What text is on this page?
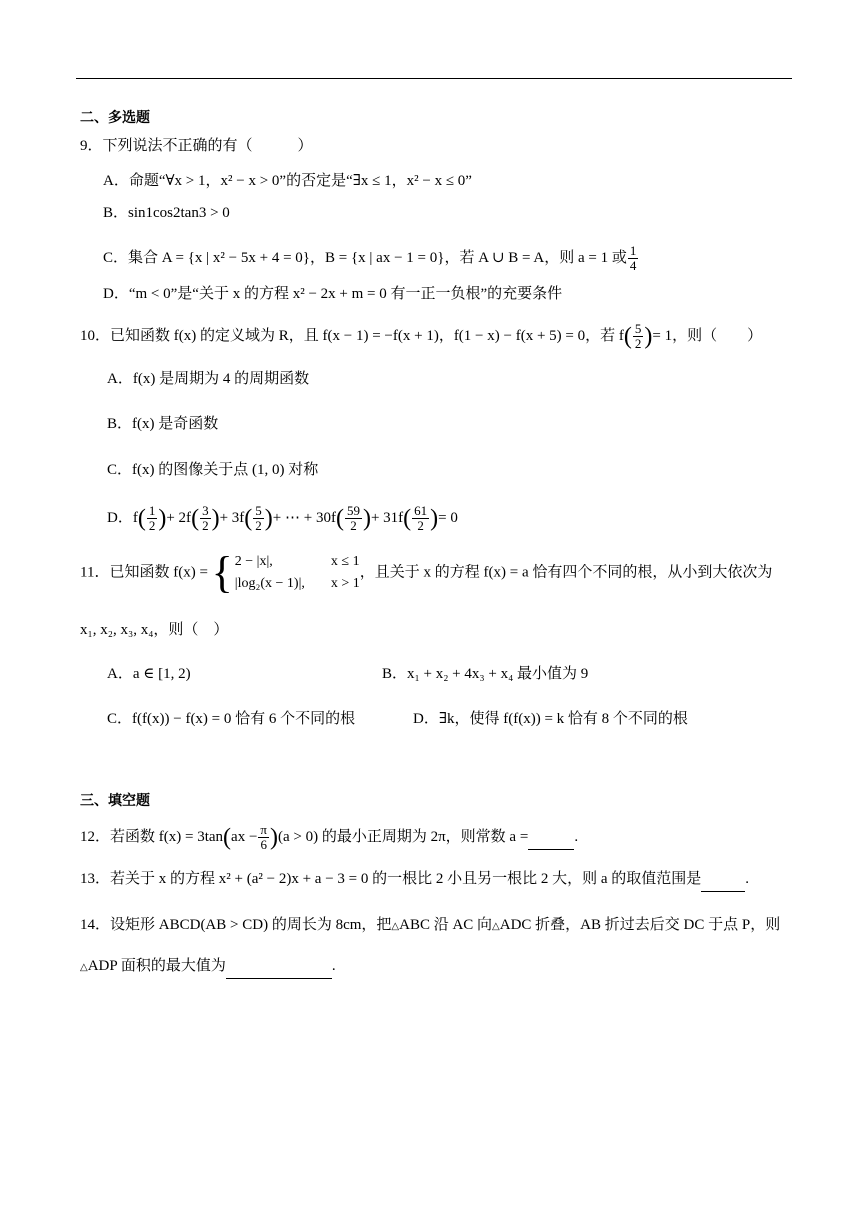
二、多选题
9．下列说法不正确的有（　　　）
A．命题“∀x > 1，x² − x > 0”的否定是“∃x ≤ 1，x² − x ≤ 0”
B．sin1cos2tan3 > 0
C．集合 A = {x | x² − 5x + 4 = 0}，B = {x | ax − 1 = 0}，若 A ∪ B = A，则 a = 1 或 $\frac{1}{4}$
D．“m < 0”是“关于 x 的方程 x² − 2x + m = 0 有一正一负根”的充要条件
10．已知函数 f(x) 的定义域为 R，且 f(x − 1) = −f(x + 1)，f(1 − x) − f(x + 5) = 0，若 $f( \frac{5}{2}$ )= 1，则（　　）
A．f(x) 是周期为 4 的周期函数
B．f(x) 是奇函数
C．f(x) 的图像关于点 (1, 0) 对称
D．$f( \frac{1}{2}$ )+ $2f( \frac{3}{2}$ )+ $3f( \frac{5}{2}$ )+ ⋯ + $30f( \frac{59}{2}$ )+ $31f( \frac{61}{2}$ )= 0
11．已知函数 f(x) = { 2 − |x|,	x ≤ 1
|log₂(x − 1)|, x > 1
，且关于 x 的方程 f(x) = a 恰有四个不同的根，从小到大依次为
x₁, x₂, x₃, x₄，则（　）
A．a ∈ [1, 2)	B．x₁ + x₂ + 4x₃ + x₄ 最小值为 9
C．f(f(x)) − f(x) = 0 恰有 6 个不同的根	D．∃k，使得 f(f(x)) = k 恰有 8 个不同的根
三、填空题
12．若函数 $f(x) = 3\tan(ax - \frac{\pi}{6} )(a > 0)$ 的最小正周期为 2π，则常数 a =	.
13．若关于 x 的方程 x² + (a² − 2)x + a − 3 = 0 的一根比 2 小且另一根比 2 大，则 a 的取值范围是	.
14．设矩形 ABCD(AB > CD) 的周长为 8cm，把△ABC 沿 AC 向△ADC 折叠，AB 折过去后交 DC 于点 P，则
△ADP 面积的最大值为	.
